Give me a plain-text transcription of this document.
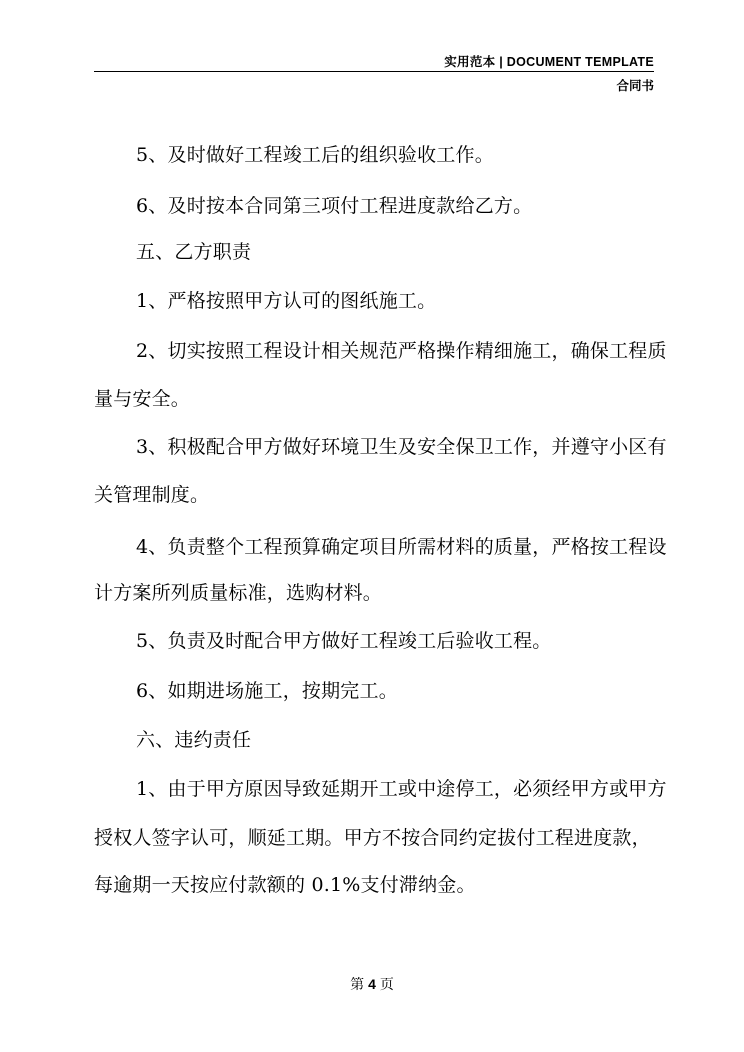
实用范本 | DOCUMENT TEMPLATE
合同书
5、及时做好工程竣工后的组织验收工作。
6、及时按本合同第三项付工程进度款给乙方。
五、乙方职责
1、严格按照甲方认可的图纸施工。
2、切实按照工程设计相关规范严格操作精细施工，确保工程质
量与安全。
3、积极配合甲方做好环境卫生及安全保卫工作，并遵守小区有
关管理制度。
4、负责整个工程预算确定项目所需材料的质量，严格按工程设
计方案所列质量标准，选购材料。
5、负责及时配合甲方做好工程竣工后验收工程。
6、如期进场施工，按期完工。
六、违约责任
1、由于甲方原因导致延期开工或中途停工，必须经甲方或甲方
授权人签字认可，顺延工期。甲方不按合同约定拔付工程进度款，
每逾期一天按应付款额的 0.1%支付滞纳金。
第 4 页
